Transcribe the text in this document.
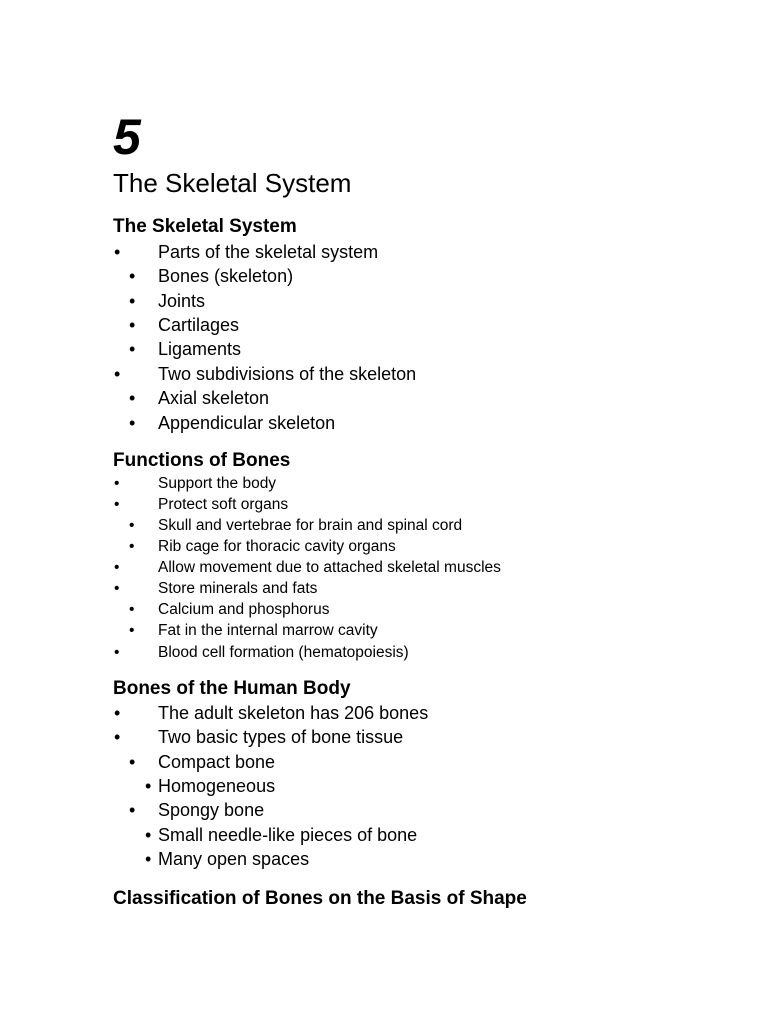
5
The Skeletal System
The Skeletal System
• Parts of the skeletal system
• Bones (skeleton)
• Joints
• Cartilages
• Ligaments
• Two subdivisions of the skeleton
• Axial skeleton
• Appendicular skeleton
Functions of Bones
• Support the body
• Protect soft organs
• Skull and vertebrae for brain and spinal cord
• Rib cage for thoracic cavity organs
• Allow movement due to attached skeletal muscles
• Store minerals and fats
• Calcium and phosphorus
• Fat in the internal marrow cavity
• Blood cell formation (hematopoiesis)
Bones of the Human Body
• The adult skeleton has 206 bones
• Two basic types of bone tissue
• Compact bone
• Homogeneous
• Spongy bone
• Small needle-like pieces of bone
• Many open spaces
Classification of Bones on the Basis of Shape
